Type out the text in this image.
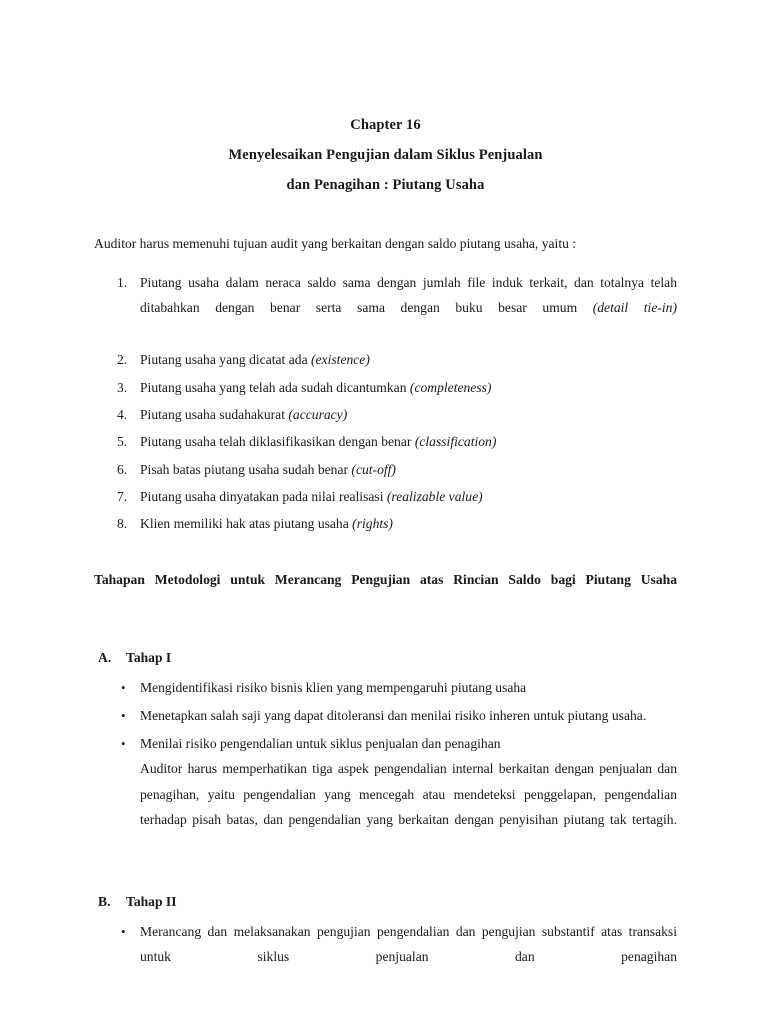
Chapter 16
Menyelesaikan Pengujian dalam Siklus Penjualan
dan Penagihan : Piutang Usaha

Auditor harus memenuhi tujuan audit yang berkaitan dengan saldo piutang usaha, yaitu :

1. Piutang usaha dalam neraca saldo sama dengan jumlah file induk terkait, dan totalnya telah ditabahkan dengan benar serta sama dengan buku besar umum (detail tie-in)
2. Piutang usaha yang dicatat ada (existence)
3. Piutang usaha yang telah ada sudah dicantumkan (completeness)
4. Piutang usaha sudahakurat (accuracy)
5. Piutang usaha telah diklasifikasikan dengan benar (classification)
6. Pisah batas piutang usaha sudah benar (cut-off)
7. Piutang usaha dinyatakan pada nilai realisasi (realizable value)
8. Klien memiliki hak atas piutang usaha (rights)
Tahapan Metodologi untuk Merancang Pengujian atas Rincian Saldo bagi Piutang Usaha
A. Tahap I
• Mengidentifikasi risiko bisnis klien yang mempengaruhi piutang usaha
• Menetapkan salah saji yang dapat ditoleransi dan menilai risiko inheren untuk piutang usaha.
• Menilai risiko pengendalian untuk siklus penjualan dan penagihan
Auditor harus memperhatikan tiga aspek pengendalian internal berkaitan dengan penjualan dan penagihan, yaitu pengendalian yang mencegah atau mendeteksi penggelapan, pengendalian terhadap pisah batas, dan pengendalian yang berkaitan dengan penyisihan piutang tak tertagih.
B. Tahap II
• Merancang dan melaksanakan pengujian pengendalian dan pengujian substantif atas transaksi untuk siklus penjualan dan penagihan
